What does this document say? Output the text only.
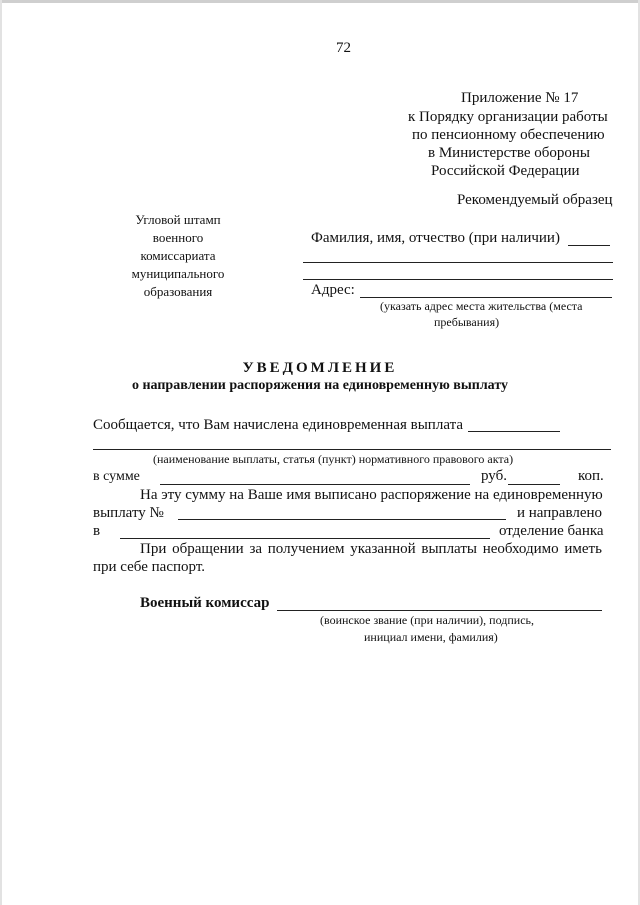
72
Приложение № 17
к Порядку организации работы
по пенсионному обеспечению
в Министерстве обороны
Российской Федерации
Рекомендуемый образец
Угловой штамп
военного
комиссариата
муниципального
образования
Фамилия, имя, отчество (при наличии)
Адрес:
(указать адрес места жительства (места
пребывания)
УВЕДОМЛЕНИЕ
о направлении распоряжения на единовременную выплату
Сообщается, что Вам начислена единовременная выплата
(наименование выплаты, статья (пункт) нормативного правового акта)
в сумме	руб.	коп.
На эту сумму на Ваше имя выписано распоряжение на единовременную
выплату №	и направлено
в	отделение банка
При обращении за получением указанной выплаты необходимо иметь
при себе паспорт.
Военный комиссар
(воинское звание (при наличии), подпись,
инициал имени, фамилия)
